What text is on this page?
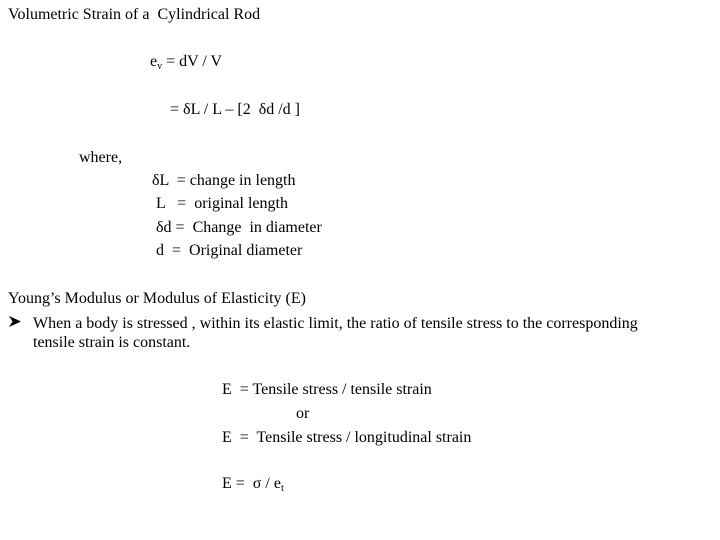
Volumetric Strain of a  Cylindrical Rod
$e_v$ = dV / V
= δL / L – [2  δd /d ]
where,
δL  = change in length
L   =  original length
δd =  Change  in diameter
d  =  Original diameter
Young’s Modulus or Modulus of Elasticity (E)
When a body is stressed , within its elastic limit, the ratio of tensile stress to the corresponding
tensile strain is constant.
E  = Tensile stress / tensile strain
or
E  =  Tensile stress / longitudinal strain
$E = \sigma / e_t$
